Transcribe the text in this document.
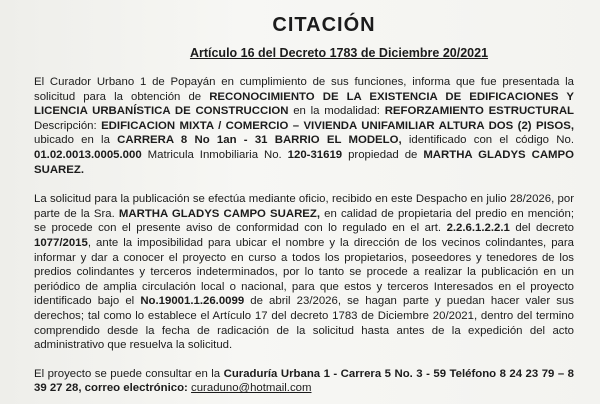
CITACIÓN
Artículo 16 del Decreto 1783 de Diciembre 20/2021

El Curador Urbano 1 de Popayán en cumplimiento de sus funciones, informa que fue presentada la solicitud para la obtención de RECONOCIMIENTO DE LA EXISTENCIA DE EDIFICACIONES Y LICENCIA URBANÍSTICA DE CONSTRUCCION en la modalidad: REFORZAMIENTO ESTRUCTURAL Descripción: EDIFICACION MIXTA / COMERCIO – VIVIENDA UNIFAMILIAR ALTURA DOS (2) PISOS, ubicado en la CARRERA 8 No 1an - 31 BARRIO EL MODELO, identificado con el código No. 01.02.0013.0005.000 Matricula Inmobiliaria No. 120-31619 propiedad de MARTHA GLADYS CAMPO SUAREZ.

La solicitud para la publicación se efectúa mediante oficio, recibido en este Despacho en julio 28/2026, por parte de la Sra. MARTHA GLADYS CAMPO SUAREZ, en calidad de propietaria del predio en mención; se procede con el presente aviso de conformidad con lo regulado en el art. 2.2.6.1.2.2.1 del decreto 1077/2015, ante la imposibilidad para ubicar el nombre y la dirección de los vecinos colindantes, para informar y dar a conocer el proyecto en curso a todos los propietarios, poseedores y tenedores de los predios colindantes y terceros indeterminados, por lo tanto se procede a realizar la publicación en un periódico de amplia circulación local o nacional, para que estos y terceros Interesados en el proyecto identificado bajo el No.19001.1.26.0099 de abril 23/2026, se hagan parte y puedan hacer valer sus derechos; tal como lo establece el Artículo 17 del decreto 1783 de Diciembre 20/2021, dentro del termino comprendido desde la fecha de radicación de la solicitud hasta antes de la expedición del acto administrativo que resuelva la solicitud.

El proyecto se puede consultar en la Curaduría Urbana 1 - Carrera 5 No. 3 - 59 Teléfono 8 24 23 79 – 8 39 27 28, correo electrónico: curaduno@hotmail.com
